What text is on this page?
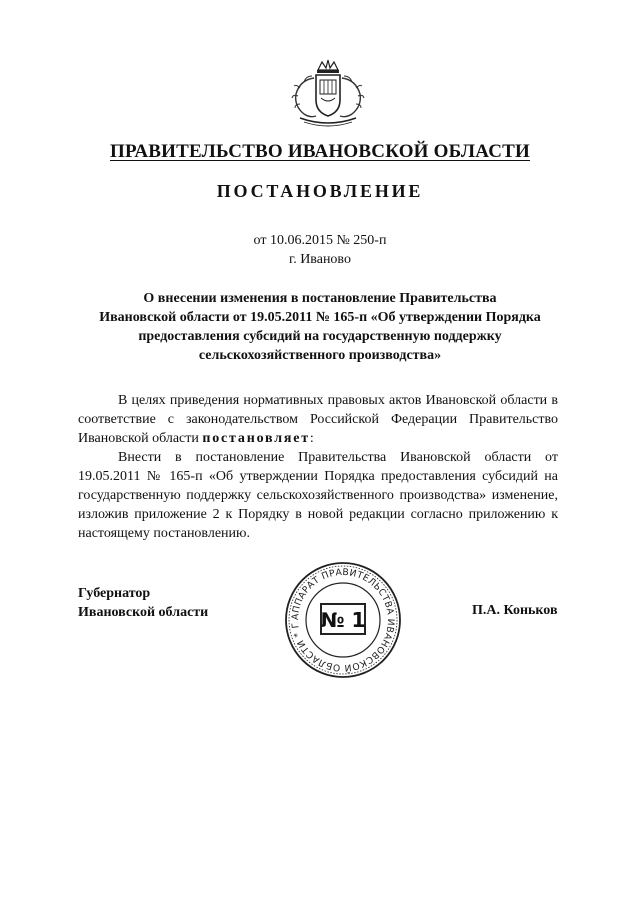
ПРАВИТЕЛЬСТВО ИВАНОВСКОЙ ОБЛАСТИ
ПОСТАНОВЛЕНИЕ
от 10.06.2015 № 250-п
г. Иваново
О внесении изменения в постановление Правительства
Ивановской области от 19.05.2011 № 165-п «Об утверждении Порядка
предоставления субсидий на государственную поддержку
сельскохозяйственного производства»

В целях приведения нормативных правовых актов Ивановской области в соответствие с законодательством Российской Федерации Правительство Ивановской области постановляет:

Внести в постановление Правительства Ивановской области от 19.05.2011 № 165-п «Об утверждении Порядка предоставления субсидий на государственную поддержку сельскохозяйственного производства» изменение, изложив приложение 2 к Порядку в новой редакции согласно приложению к настоящему постановлению.

Губернатор
Ивановской области	АППАРАТ ПРАВИТЕЛЬСТВА ИВАНОВСКОЙ ОБЛАСТИ * Г № 1	П.А. Коньков
